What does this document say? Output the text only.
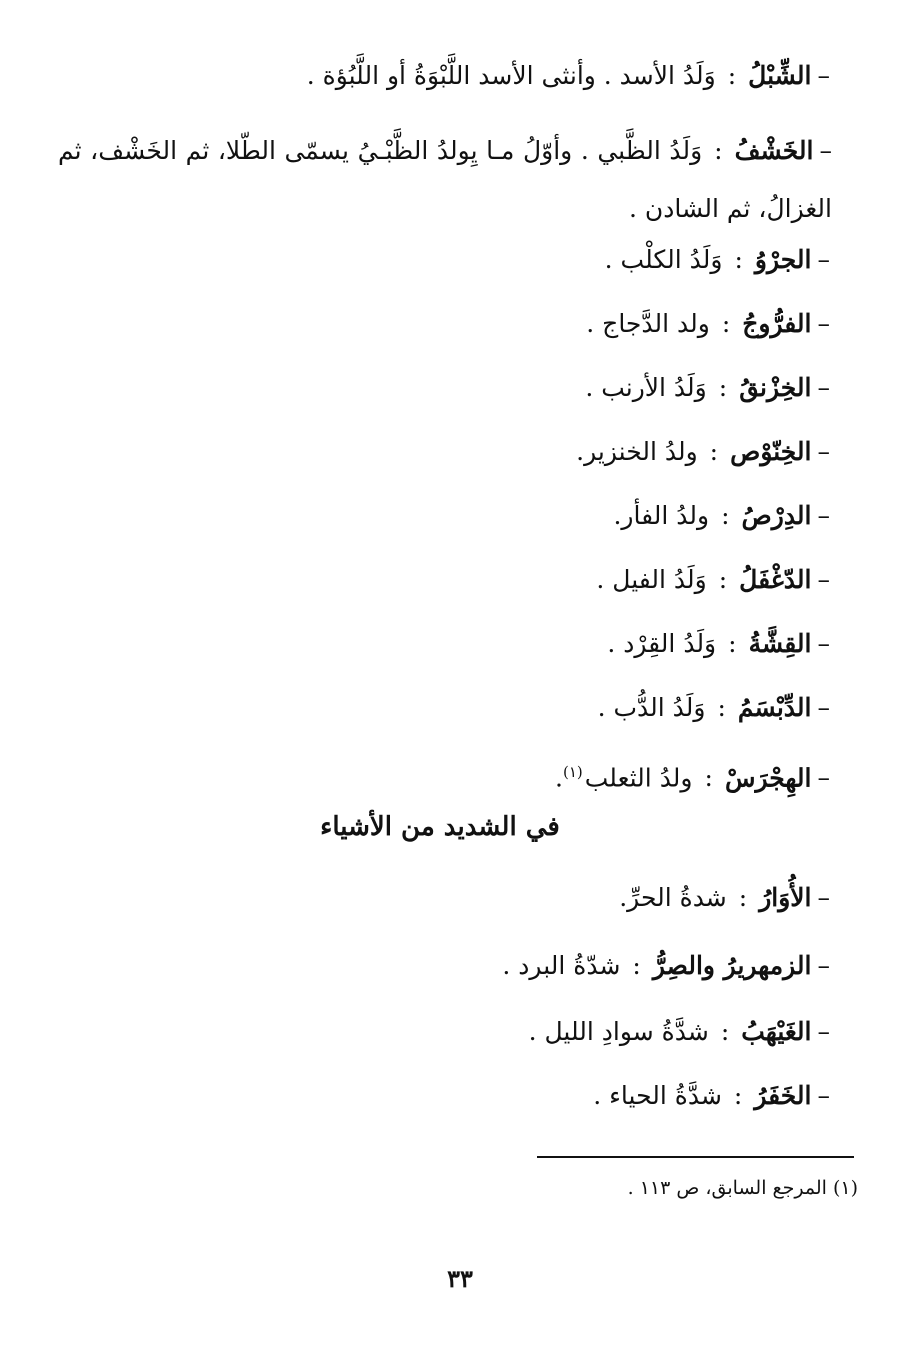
–الشِّبْلُ:وَلَدُ الأسد . وأنثى الأسد اللَّبْوَةُ أو اللَّبُؤة .
–الخَشْفُ:وَلَدُ الظَّبي . وأوّلُ مـا يِولدُ الظَّبْـيُ يسمّى الطّلا، ثم الخَشْف، ثم الغزالُ، ثم الشادن .
–الجرْوُ:وَلَدُ الكلْب .
–الفرُّوجُ:ولد الدَّجاج .
–الخِزْنقُ:وَلَدُ الأرنب .
–الخِنّوْص:ولدُ الخنزير.
–الدِرْصُ:ولدُ الفأر.
–الدّغْفَلُ:وَلَدُ الفيل .
–القِشَّةُ:وَلَدُ القِرْد .
–الدِّبْسَمُ:وَلَدُ الدُّب .
–الهِجْرَسْ:ولدُ الثعلب$^{(١)}$.
في الشديد من الأشياء
–الأُوَارُ:شدةُ الحرِّ.
–الزمهريرُ والصِرُّ:شدّةُ البرد .
–الغَيْهَبُ:شدَّةُ سوادِ الليل .
–الخَفَرُ:شدَّةُ الحياء .
(١) المرجع السابق، ص ١١٣ .
٣٣
